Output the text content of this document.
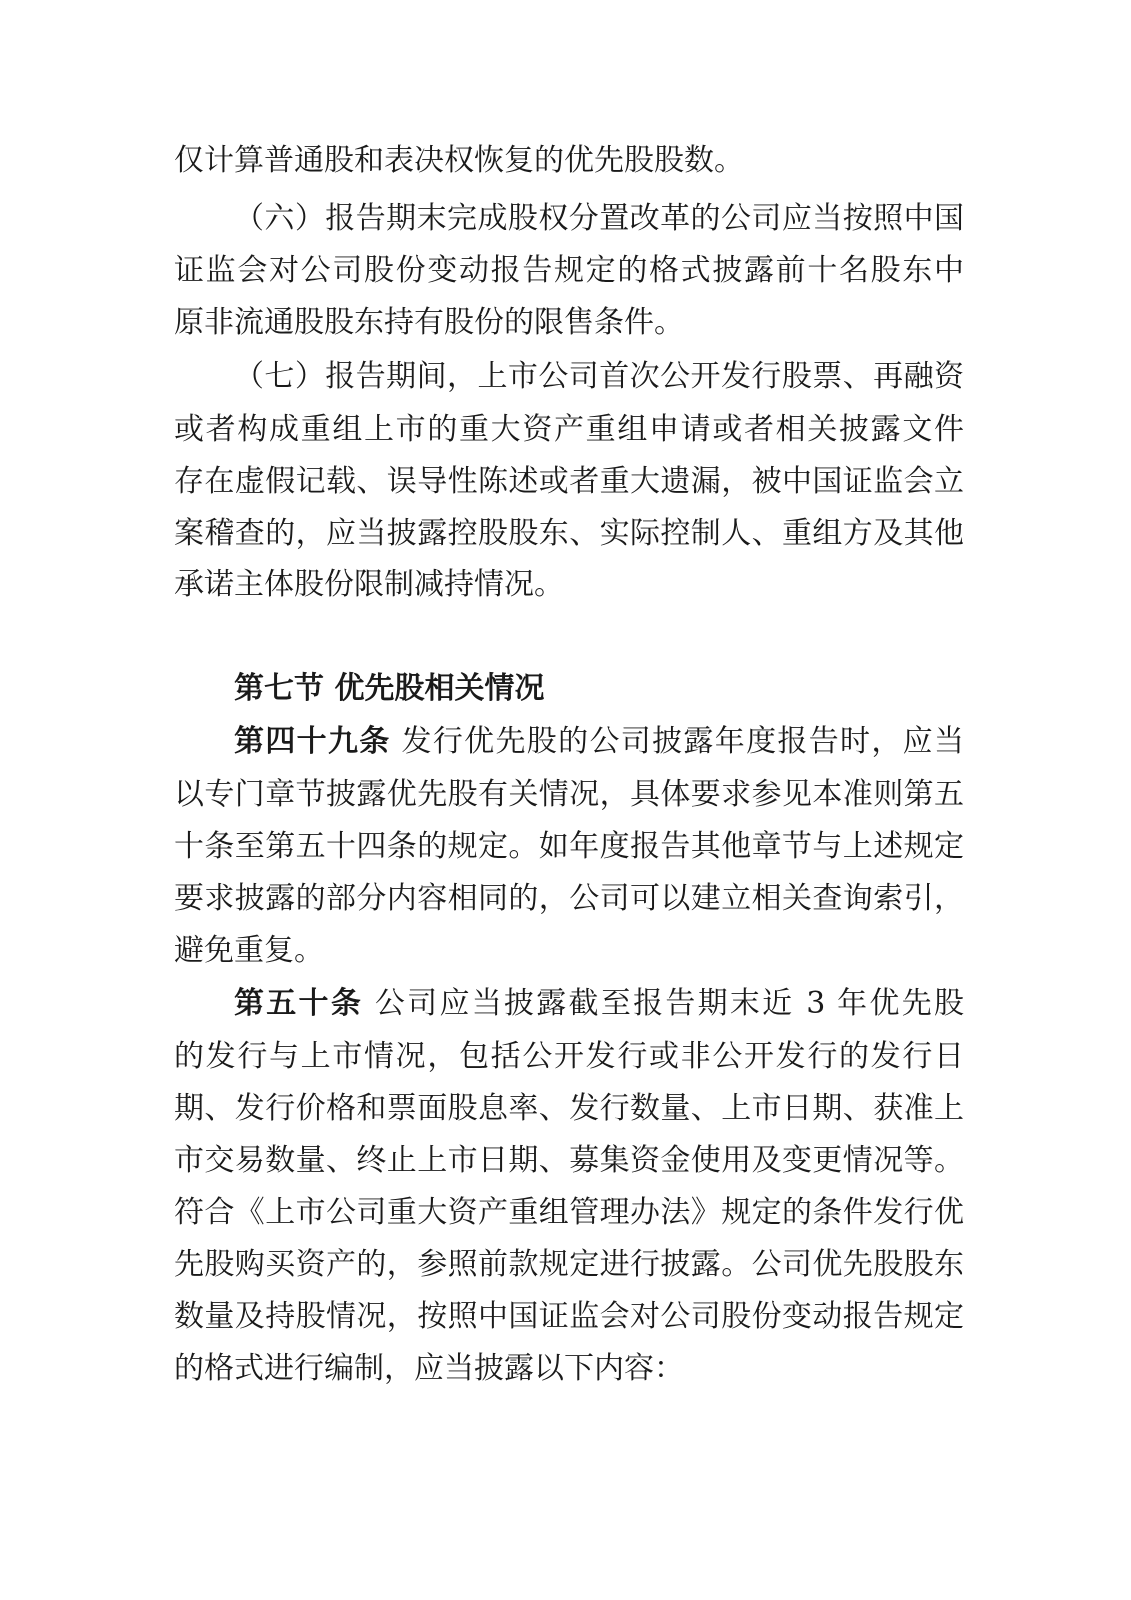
仅计算普通股和表决权恢复的优先股股数。
（六）报告期末完成股权分置改革的公司应当按照中国
证监会对公司股份变动报告规定的格式披露前十名股东中
原非流通股股东持有股份的限售条件。
（七）报告期间，上市公司首次公开发行股票、再融资
或者构成重组上市的重大资产重组申请或者相关披露文件
存在虚假记载、误导性陈述或者重大遗漏，被中国证监会立
案稽查的，应当披露控股股东、实际控制人、重组方及其他
承诺主体股份限制减持情况。
第七节 优先股相关情况
第四十九条 发行优先股的公司披露年度报告时，应当
以专门章节披露优先股有关情况，具体要求参见本准则第五
十条至第五十四条的规定。如年度报告其他章节与上述规定
要求披露的部分内容相同的，公司可以建立相关查询索引，
避免重复。
第五十条 公司应当披露截至报告期末近 3 年优先股
的发行与上市情况，包括公开发行或非公开发行的发行日
期、发行价格和票面股息率、发行数量、上市日期、获准上
市交易数量、终止上市日期、募集资金使用及变更情况等。
符合《上市公司重大资产重组管理办法》规定的条件发行优
先股购买资产的，参照前款规定进行披露。公司优先股股东
数量及持股情况，按照中国证监会对公司股份变动报告规定
的格式进行编制，应当披露以下内容：
